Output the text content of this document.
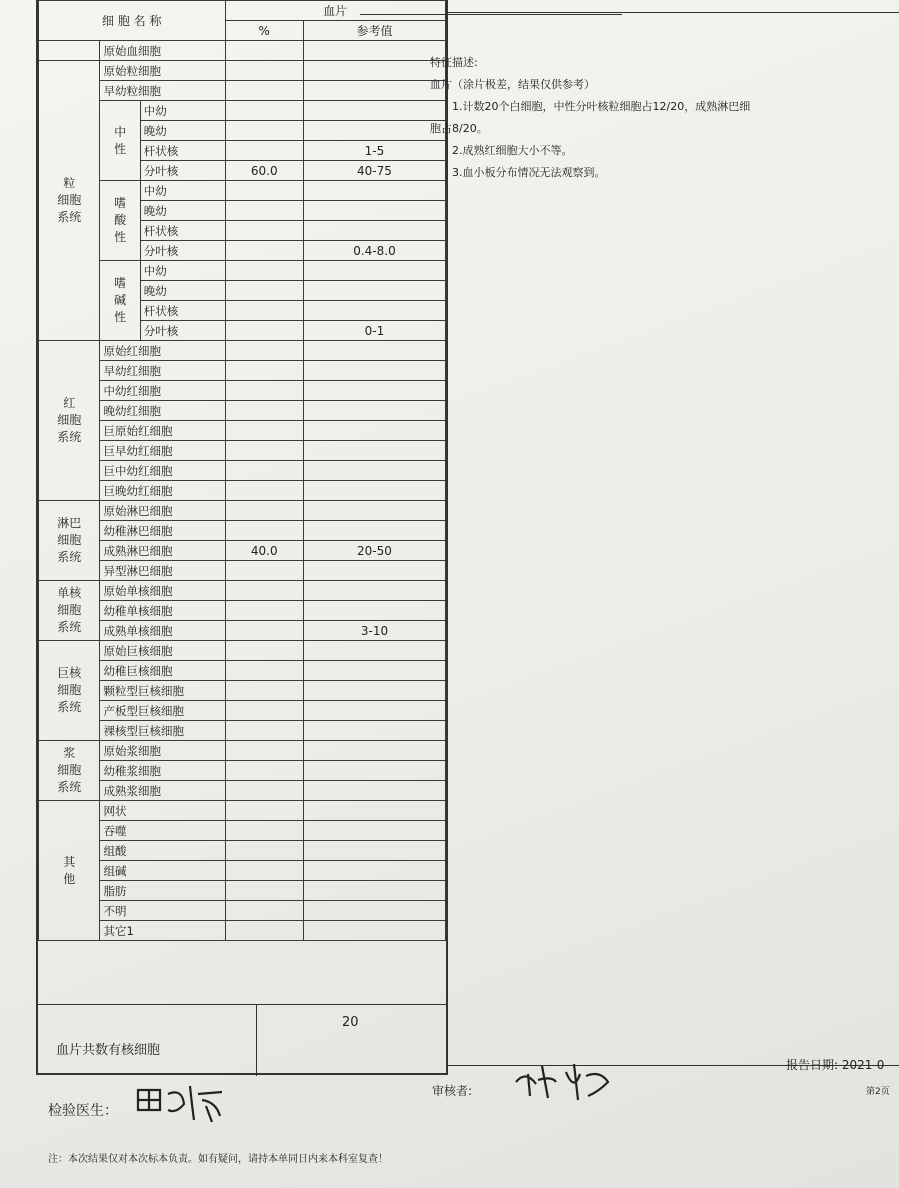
细 胞 名 称			血片	
			%	参考值
	原始血细胞			
粒
细胞
系统	原始粒细胞			
	早幼粒细胞			
	中
性	中幼		
		晚幼		
		杆状核		1-5
		分叶核	60.0	40-75
	嗜
酸
性	中幼		
		晚幼		
		杆状核		
		分叶核		0.4-8.0
	嗜
碱
性	中幼		
		晚幼		
		杆状核		
		分叶核		0-1
红
细胞
系统	原始红细胞			
	早幼红细胞			
	中幼红细胞			
	晚幼红细胞			
	巨原始红细胞			
	巨早幼红细胞			
	巨中幼红细胞			
	巨晚幼红细胞			
淋巴
细胞
系统	原始淋巴细胞			
	幼稚淋巴细胞			
	成熟淋巴细胞		40.0	20-50
	异型淋巴细胞			
单核
细胞
系统	原始单核细胞			
	幼稚单核细胞			
	成熟单核细胞			3-10
巨核
细胞
系统	原始巨核细胞			
	幼稚巨核细胞			
	颗粒型巨核细胞			
	产板型巨核细胞			
	裸核型巨核细胞			
浆
细胞
系统	原始浆细胞			
	幼稚浆细胞			
	成熟浆细胞			
其
他	网状			
	吞噬			
	组酸			
	组碱			
	脂肪			
	不明			
	其它1			
血片共数有核细胞
20
特征描述:
血片（涂片极差，结果仅供参考）
1.计数20个白细胞，中性分叶核粒细胞占12/20，成熟淋巴细
胞占8/20。
2.成熟红细胞大小不等。
3.血小板分布情况无法观察到。
报告日期: 2021-0
第2页
审核者:
检验医生：
注：本次结果仅对本次标本负责。如有疑问，请持本单同日内来本科室复查！
